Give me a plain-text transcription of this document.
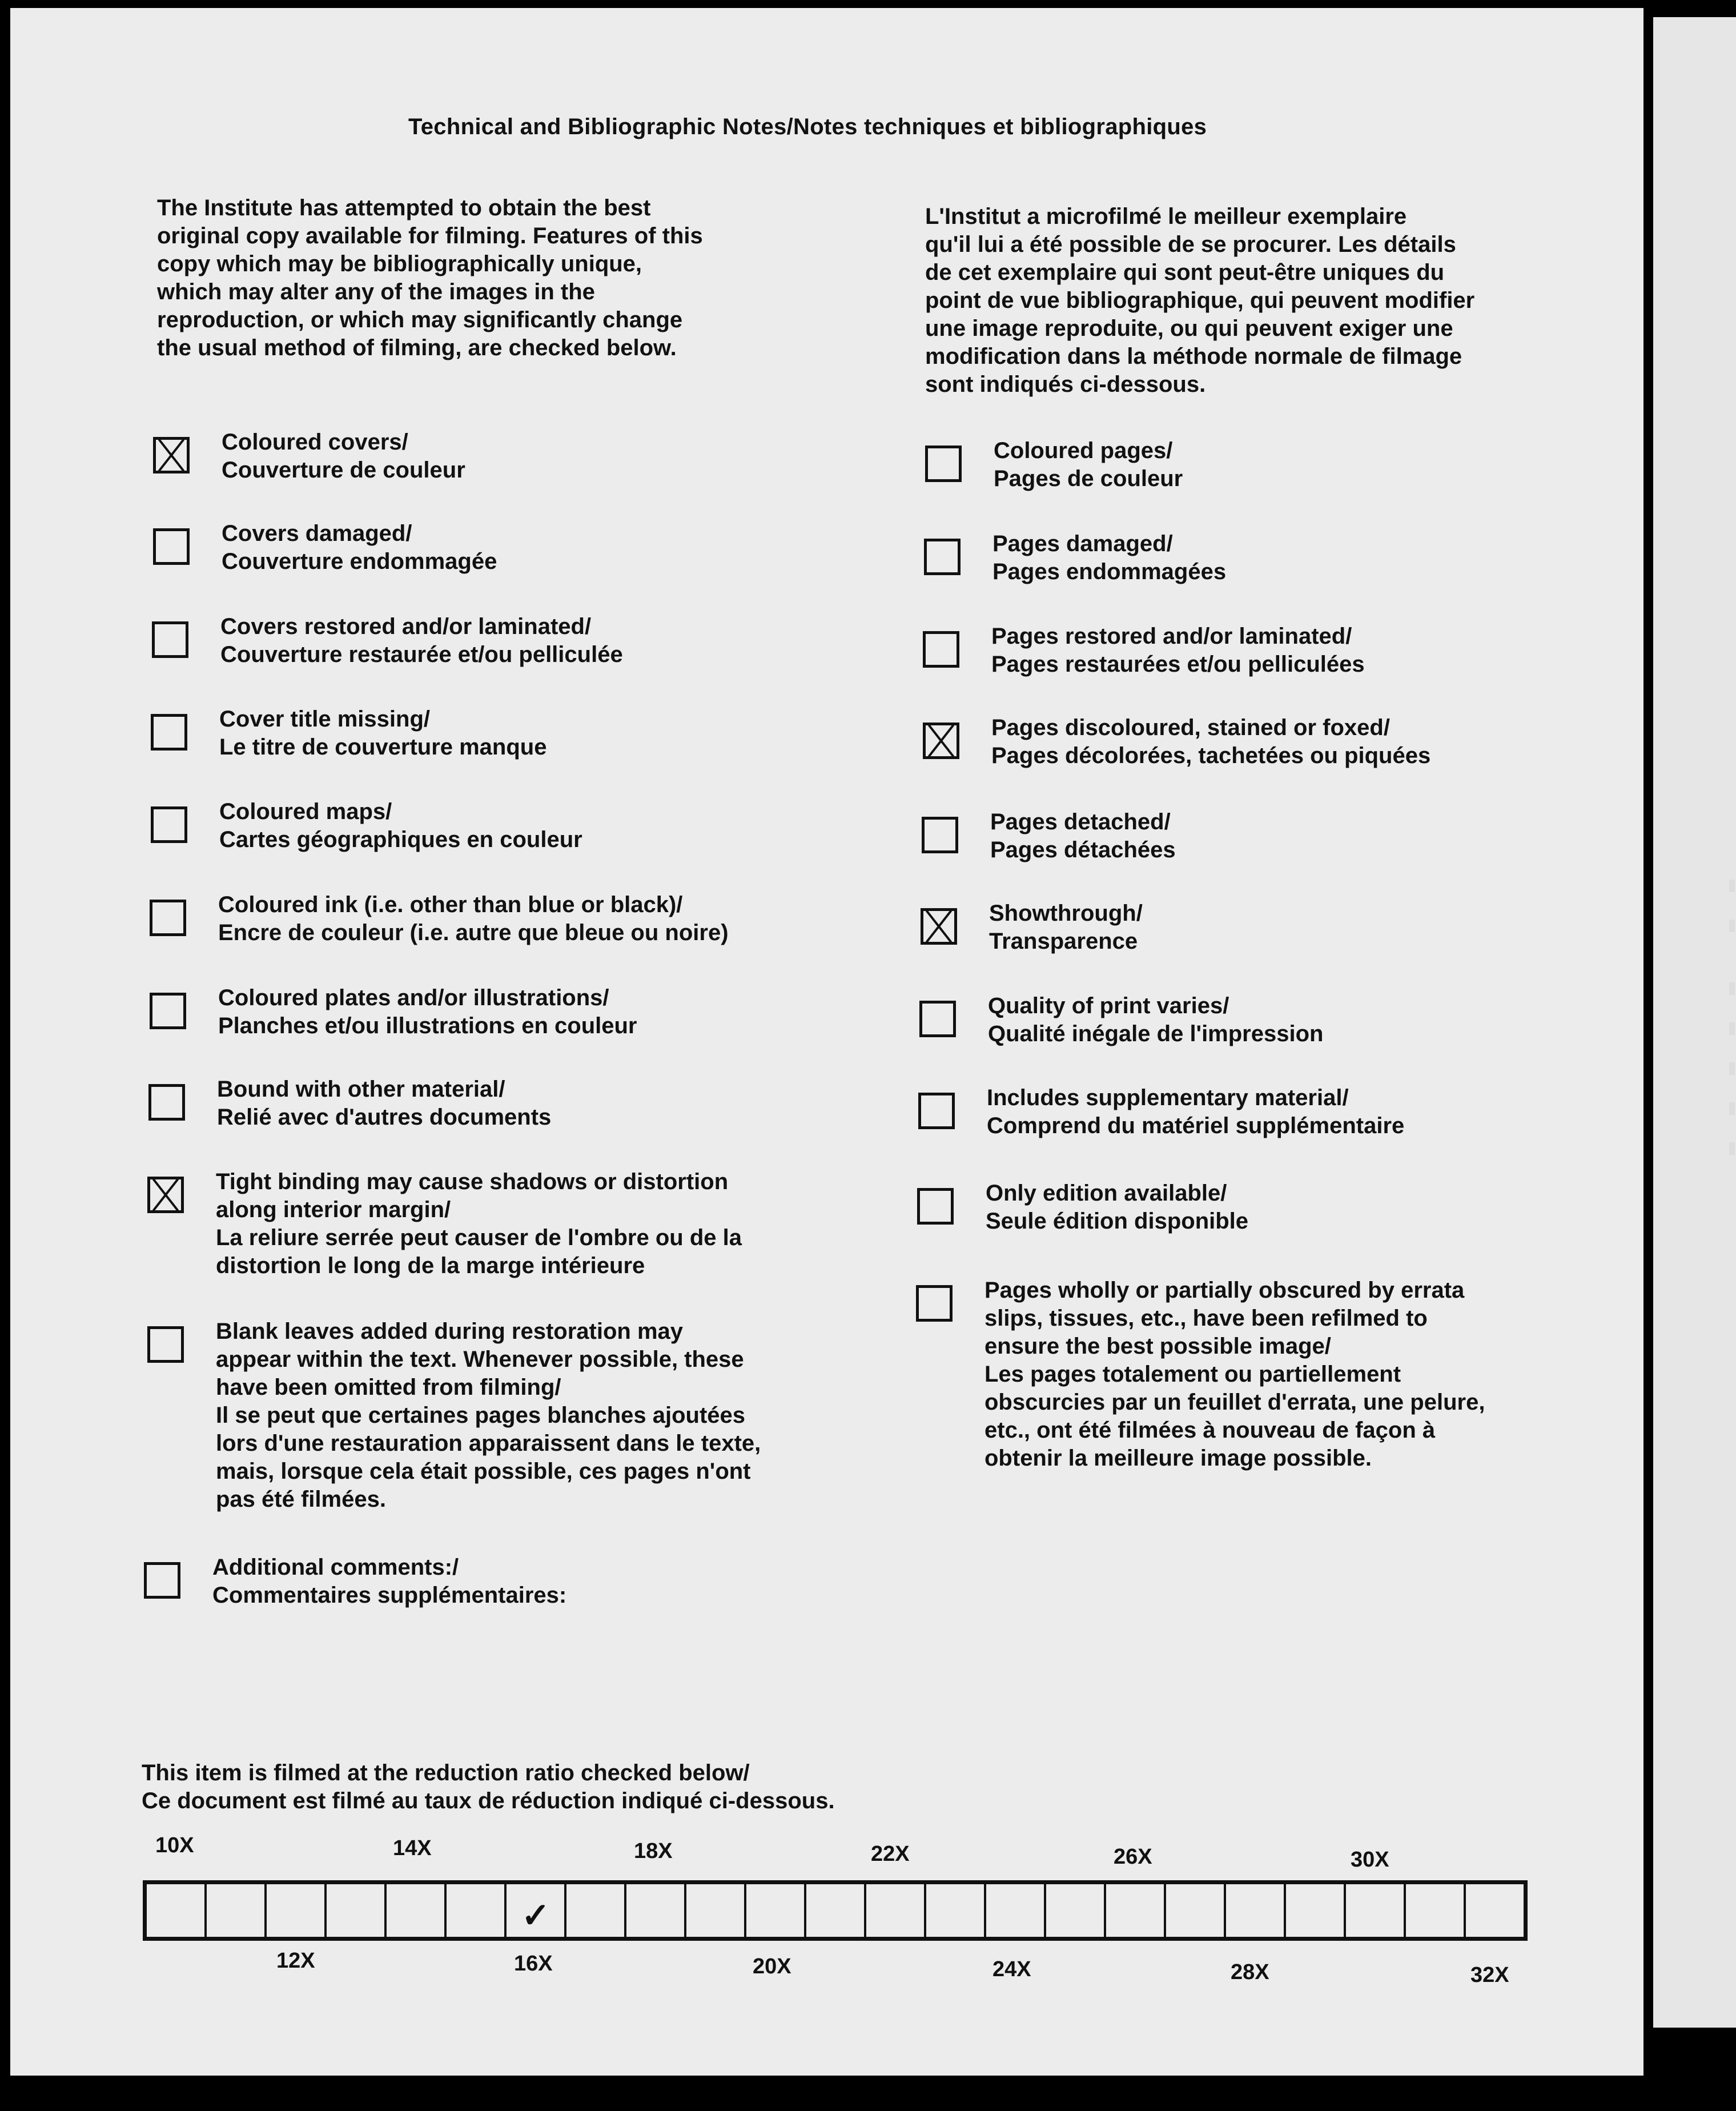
Technical and Bibliographic Notes/Notes techniques et bibliographiques
The Institute has attempted to obtain the best
original copy available for filming. Features of this
copy which may be bibliographically unique,
which may alter any of the images in the
reproduction, or which may significantly change
the usual method of filming, are checked below.
L'Institut a microfilmé le meilleur exemplaire
qu'il lui a été possible de se procurer. Les détails
de cet exemplaire qui sont peut-être uniques du
point de vue bibliographique, qui peuvent modifier
une image reproduite, ou qui peuvent exiger une
modification dans la méthode normale de filmage
sont indiqués ci-dessous.
Coloured covers/
Couverture de couleur
Covers damaged/
Couverture endommagée
Covers restored and/or laminated/
Couverture restaurée et/ou pelliculée
Cover title missing/
Le titre de couverture manque
Coloured maps/
Cartes géographiques en couleur
Coloured ink (i.e. other than blue or black)/
Encre de couleur (i.e. autre que bleue ou noire)
Coloured plates and/or illustrations/
Planches et/ou illustrations en couleur
Bound with other material/
Relié avec d'autres documents
Tight binding may cause shadows or distortion
along interior margin/
La reliure serrée peut causer de l'ombre ou de la
distortion le long de la marge intérieure
Blank leaves added during restoration may
appear within the text. Whenever possible, these
have been omitted from filming/
Il se peut que certaines pages blanches ajoutées
lors d'une restauration apparaissent dans le texte,
mais, lorsque cela était possible, ces pages n'ont
pas été filmées.
Additional comments:/
Commentaires supplémentaires:
Coloured pages/
Pages de couleur
Pages damaged/
Pages endommagées
Pages restored and/or laminated/
Pages restaurées et/ou pelliculées
Pages discoloured, stained or foxed/
Pages décolorées, tachetées ou piquées
Pages detached/
Pages détachées
Showthrough/
Transparence
Quality of print varies/
Qualité inégale de l'impression
Includes supplementary material/
Comprend du matériel supplémentaire
Only edition available/
Seule édition disponible
Pages wholly or partially obscured by errata
slips, tissues, etc., have been refilmed to
ensure the best possible image/
Les pages totalement ou partiellement
obscurcies par un feuillet d'errata, une pelure,
etc., ont été filmées à nouveau de façon à
obtenir la meilleure image possible.
This item is filmed at the reduction ratio checked below/
Ce document est filmé au taux de réduction indiqué ci-dessous.
10X	14X	18X	22X	26X	30X
✓
12X	16X	20X	24X	28X	32X
